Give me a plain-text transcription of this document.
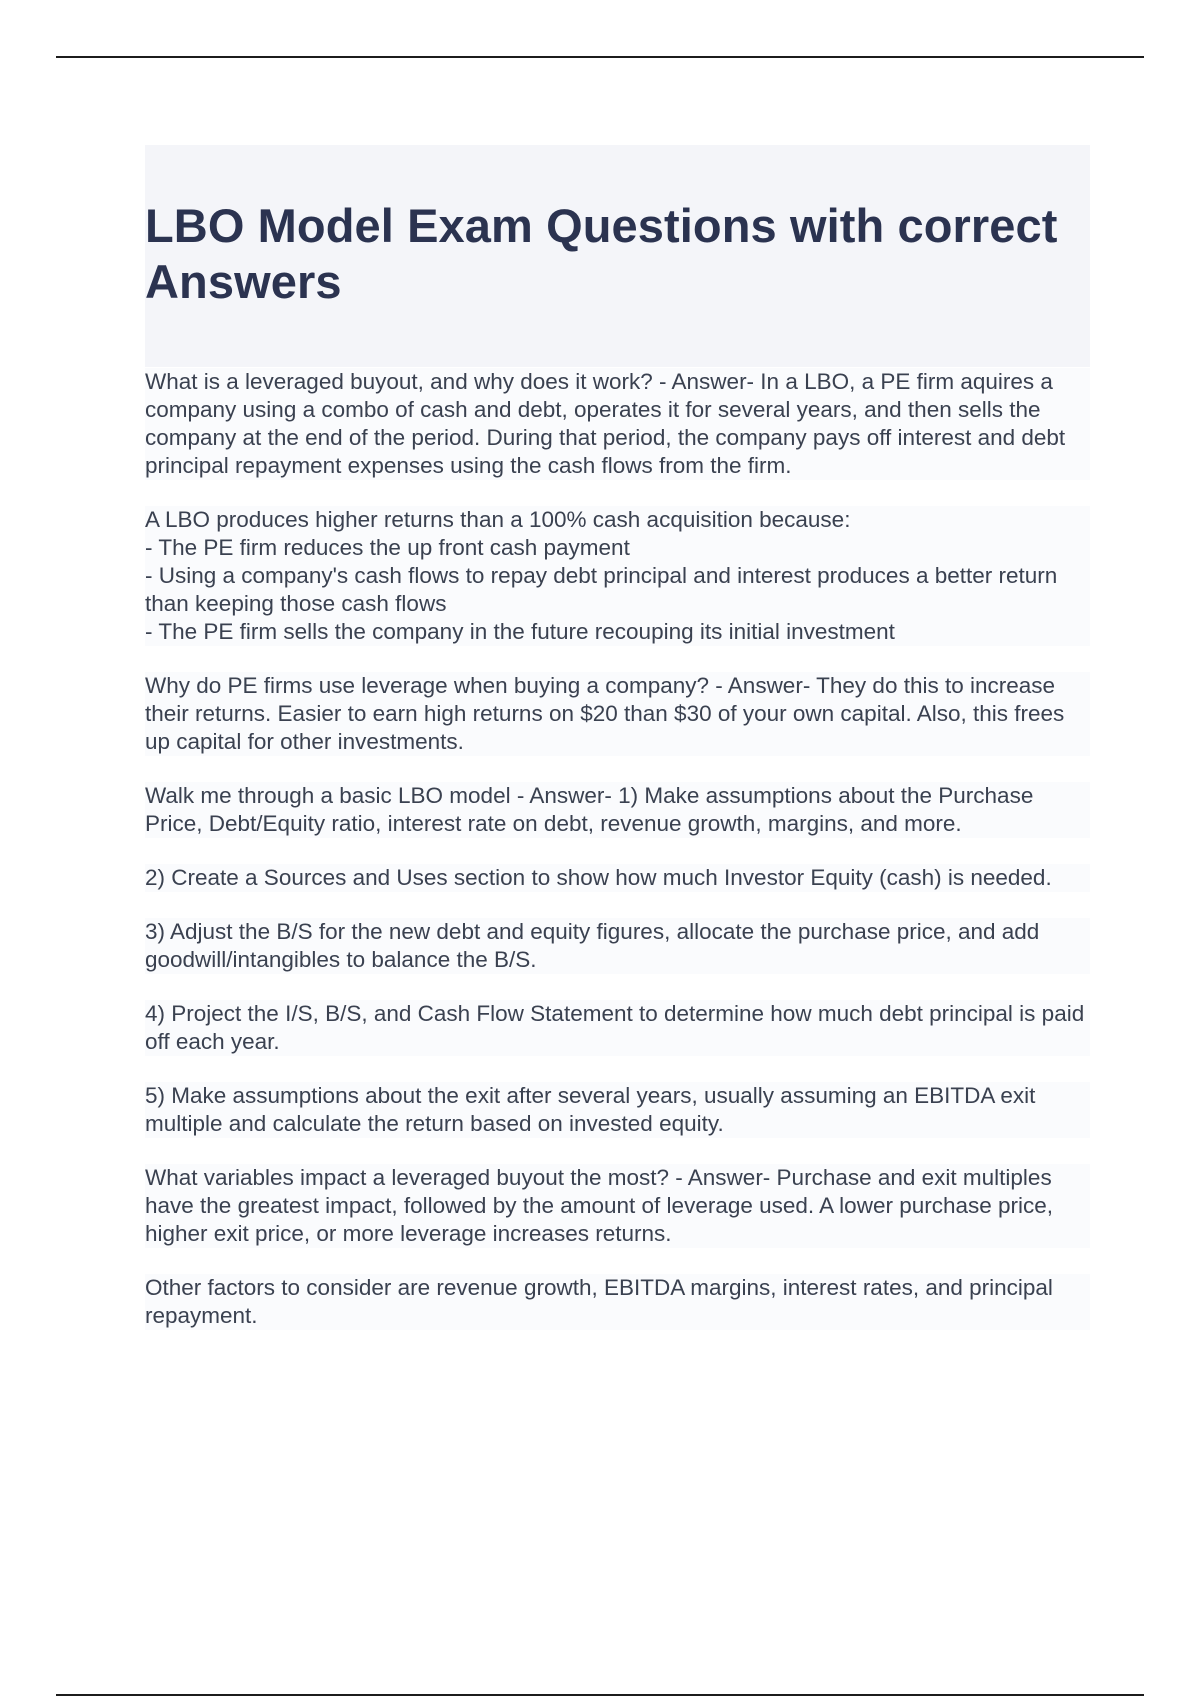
LBO Model Exam Questions with correct Answers

What is a leveraged buyout, and why does it work? - Answer- In a LBO, a PE firm aquires a company using a combo of cash and debt, operates it for several years, and then sells the company at the end of the period. During that period, the company pays off interest and debt principal repayment expenses using the cash flows from the firm.

A LBO produces higher returns than a 100% cash acquisition because:
- The PE firm reduces the up front cash payment
- Using a company's cash flows to repay debt principal and interest produces a better return than keeping those cash flows
- The PE firm sells the company in the future recouping its initial investment

Why do PE firms use leverage when buying a company? - Answer- They do this to increase their returns. Easier to earn high returns on $20 than $30 of your own capital. Also, this frees up capital for other investments.

Walk me through a basic LBO model - Answer- 1) Make assumptions about the Purchase Price, Debt/Equity ratio, interest rate on debt, revenue growth, margins, and more.

2) Create a Sources and Uses section to show how much Investor Equity (cash) is needed.

3) Adjust the B/S for the new debt and equity figures, allocate the purchase price, and add goodwill/intangibles to balance the B/S.

4) Project the I/S, B/S, and Cash Flow Statement to determine how much debt principal is paid off each year.

5) Make assumptions about the exit after several years, usually assuming an EBITDA exit multiple and calculate the return based on invested equity.

What variables impact a leveraged buyout the most? - Answer- Purchase and exit multiples have the greatest impact, followed by the amount of leverage used. A lower purchase price, higher exit price, or more leverage increases returns.

Other factors to consider are revenue growth, EBITDA margins, interest rates, and principal repayment.
